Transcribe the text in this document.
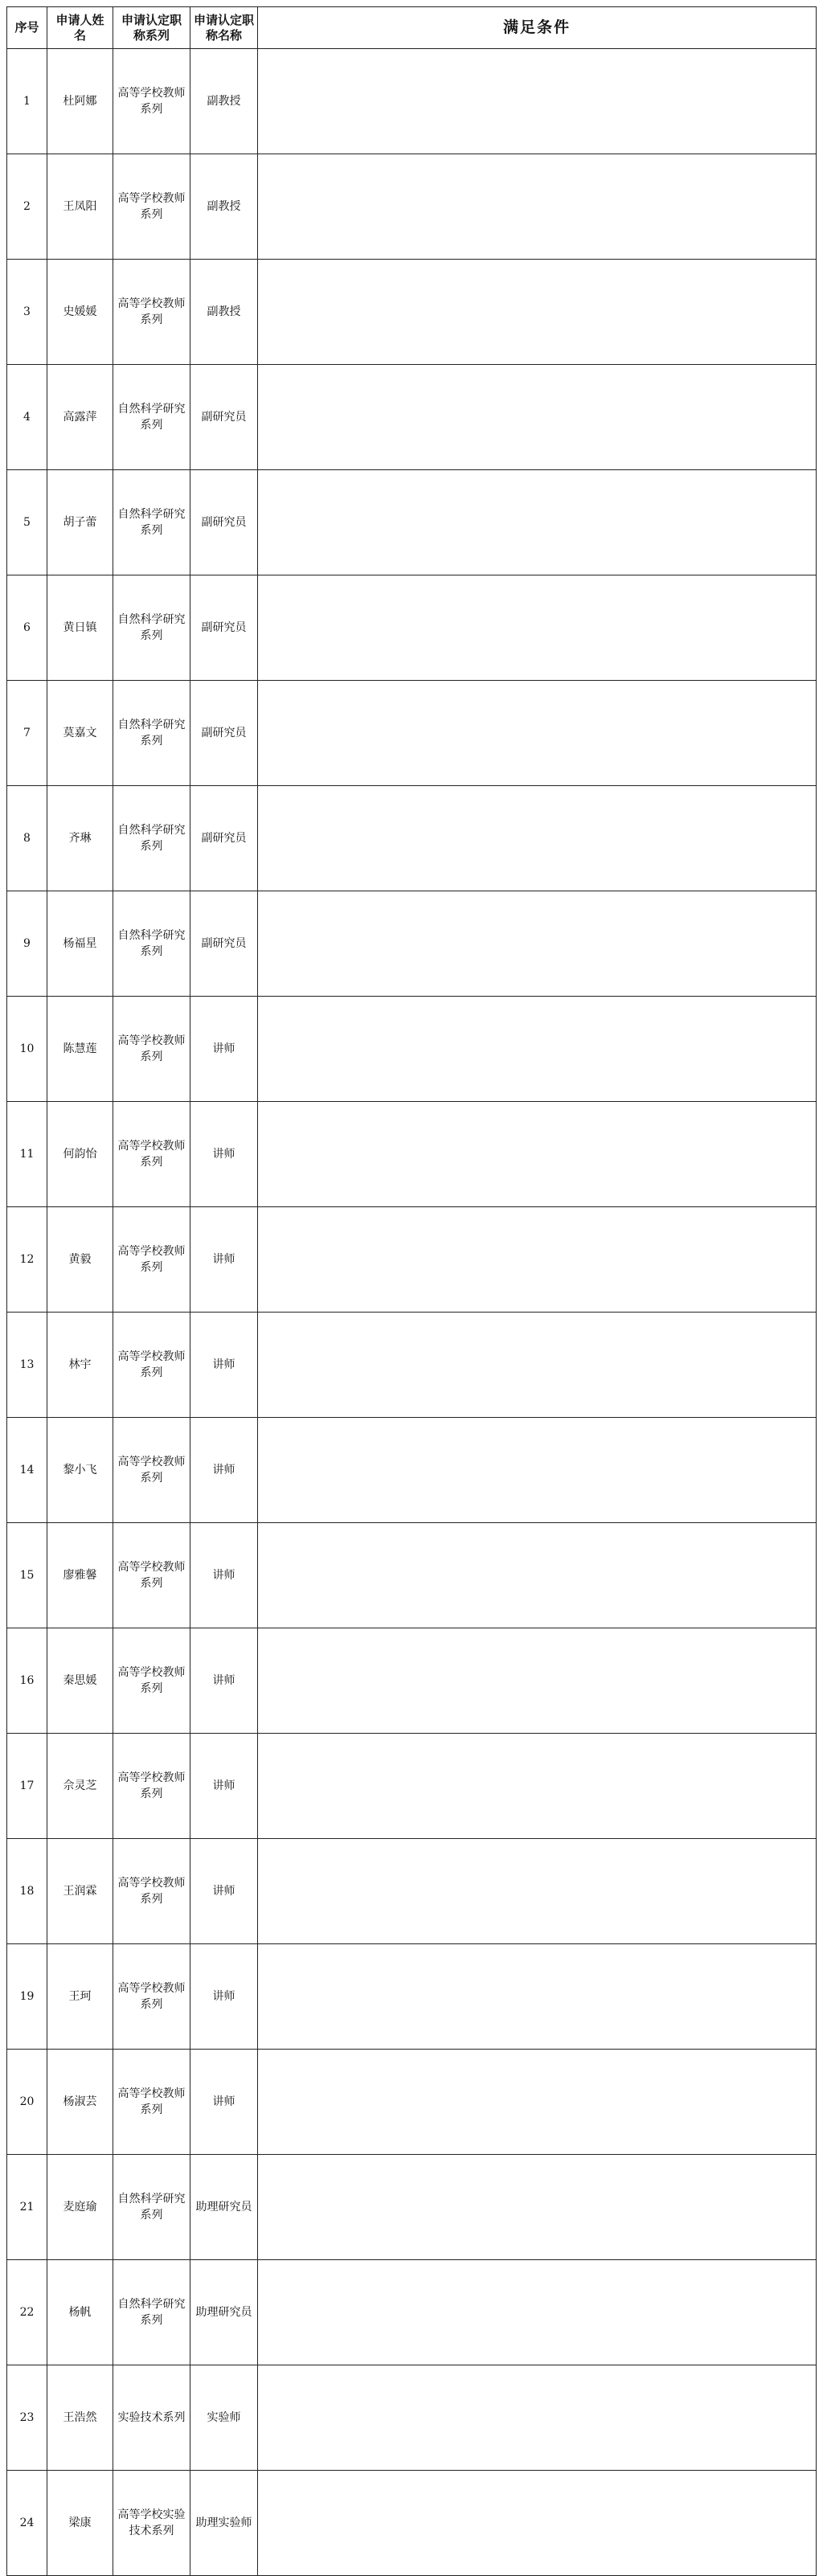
序号	申请人姓名	申请认定职称系列	申请认定职称名称	满足条件
1	杜阿娜	高等学校教师系列	副教授	
2	王凤阳	高等学校教师系列	副教授	
3	史媛媛	高等学校教师系列	副教授	
4	高露萍	自然科学研究系列	副研究员	
5	胡子蕾	自然科学研究系列	副研究员	
6	黄日镇	自然科学研究系列	副研究员	
7	莫嘉文	自然科学研究系列	副研究员	
8	齐琳	自然科学研究系列	副研究员	
9	杨福星	自然科学研究系列	副研究员	
10	陈慧莲	高等学校教师系列	讲师	
11	何韵怡	高等学校教师系列	讲师	
12	黄毅	高等学校教师系列	讲师	
13	林宇	高等学校教师系列	讲师	
14	黎小飞	高等学校教师系列	讲师	
15	廖雅馨	高等学校教师系列	讲师	
16	秦思媛	高等学校教师系列	讲师	
17	佘灵芝	高等学校教师系列	讲师	
18	王润霖	高等学校教师系列	讲师	
19	王珂	高等学校教师系列	讲师	
20	杨淑芸	高等学校教师系列	讲师	
21	麦庭瑜	自然科学研究系列	助理研究员	
22	杨帆	自然科学研究系列	助理研究员	
23	王浩然	实验技术系列	实验师	
24	梁康	高等学校实验技术系列	助理实验师	
